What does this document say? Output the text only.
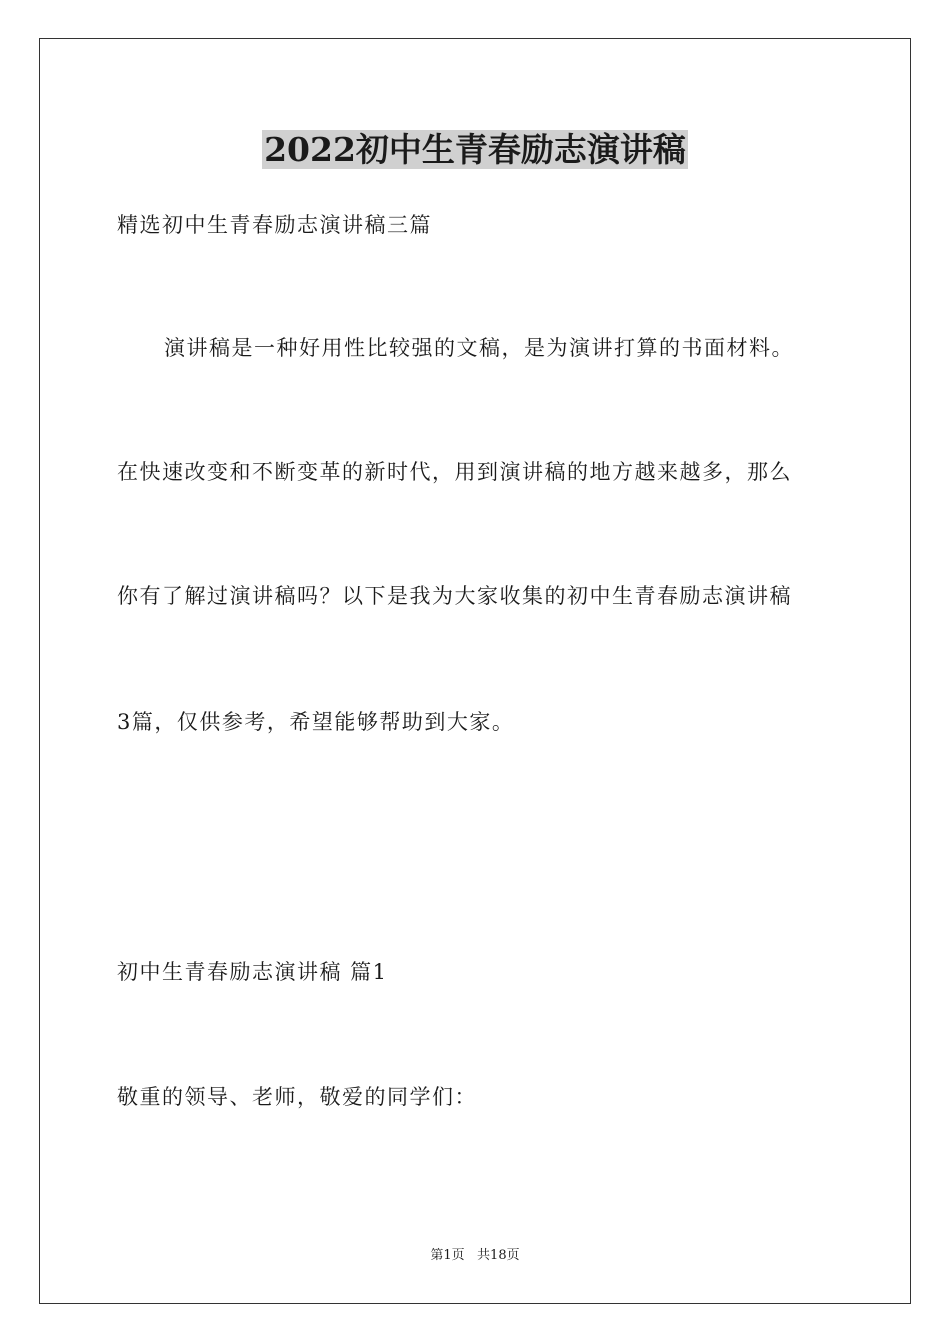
2022初中生青春励志演讲稿
精选初中生青春励志演讲稿三篇
演讲稿是一种好用性比较强的文稿，是为演讲打算的书面材料。
在快速改变和不断变革的新时代，用到演讲稿的地方越来越多，那么
你有了解过演讲稿吗？以下是我为大家收集的初中生青春励志演讲稿
3篇，仅供参考，希望能够帮助到大家。
初中生青春励志演讲稿 篇1
敬重的领导、老师，敬爱的同学们：
第1页   共18页
